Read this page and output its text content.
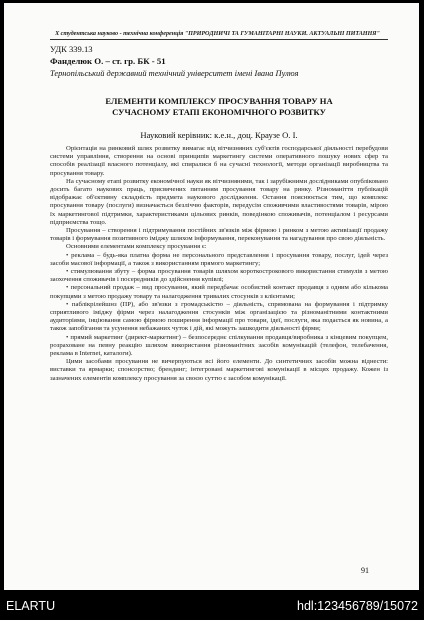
Х студентська науково - технічна конференція "ПРИРОДНИЧІ ТА ГУМАНІТАРНІ НАУКИ. АКТУАЛЬНІ ПИТАННЯ"
УДК 339.13
Фанделюк О. – ст. гр. БК - 51
Тернопільський державний технічний університет імені Івана Пулюя
ЕЛЕМЕНТИ КОМПЛЕКСУ ПРОСУВАННЯ ТОВАРУ НА
СУЧАСНОМУ ЕТАПІ ЕКОНОМІЧНОГО РОЗВИТКУ
Науковий керівник: к.е.н., доц. Краузе О. І.

Орієнтація на ринковий шлях розвитку вимагає від вітчизняних суб'єктів господарської діяльності перебудови системи управління, створення на основі принципів маркетингу системи оперативного пошуку нових сфер та способів реалізації власного потенціалу, які спиралися б на сучасні технології, методи організації виробництва та просування товару.

На сучасному етапі розвитку економічної науки як вітчизняними, так і зарубіжними дослідниками опубліковано досить багато наукових праць, присвячених питанням просування товару на ринку. Різноманіття публікацій відображає об'єктивну складність предмета наукового дослідження. Остання пояснюється тим, що комплекс просування товару (послуги) визначається безліччю факторів, передусім споживчими властивостями товарів, мірою їх маркетингової підтримки, характеристиками цільових ринків, поведінкою споживачів, потенціалом і ресурсами підприємства тощо.

Просування – створення і підтримування постійних зв'язків між фірмою і ринком з метою активізації продажу товарів і формування позитивного іміджу шляхом інформування, переконування та нагадування про свою діяльність.

Основними елементами комплексу просування є:

• реклама – будь-яка платна форма не персонального представлення і просування товару, послуг, ідей через засоби масової інформації, а також з використанням прямого маркетингу;

• стимулювання збуту – форма просування товарів шляхом короткострокового використання стимулів з метою заохочення споживачів і посередників до здійснення купівлі;

• персональний продаж – вид просування, який передбачає особистий контакт продавця з одним або кількома покупцями з метою продажу товару та налагодження тривалих стосунків з клієнтами;

• паблікрілейшнз (ПР), або зв'язки з громадськістю – діяльність, спрямована на формування і підтримку сприятливого іміджу фірми через налагодження стосунків між організацією та різноманітними контактними аудиторіями, інціювання самою фірмою поширення інформації про товари, ідеї, послуги, яка подається як новина, а також запобігання та усунення небажаних чуток і дій, які можуть зашкодити діяльності фірми;

• прямий маркетинг (директ-маркетинг) – безпосереднє спілкування продавця/виробника з кінцевим покупцем, розраховане на певну реакцію шляхом використання різноманітних засобів комунікацій (телефон, телебачення, реклама в Internet, каталоги).

Цими засобами просування не вичерпуються всі його елементи. До синтетичних засобів можна віднести: виставки та ярмарки; спонсорство; брендинг; інтегровані маркетингові комунікації в місцях продажу. Кожен із зазначених елементів комплексу просування за своєю суттю є засобом комунікації.

91
ELARTU	hdl:123456789/15072
